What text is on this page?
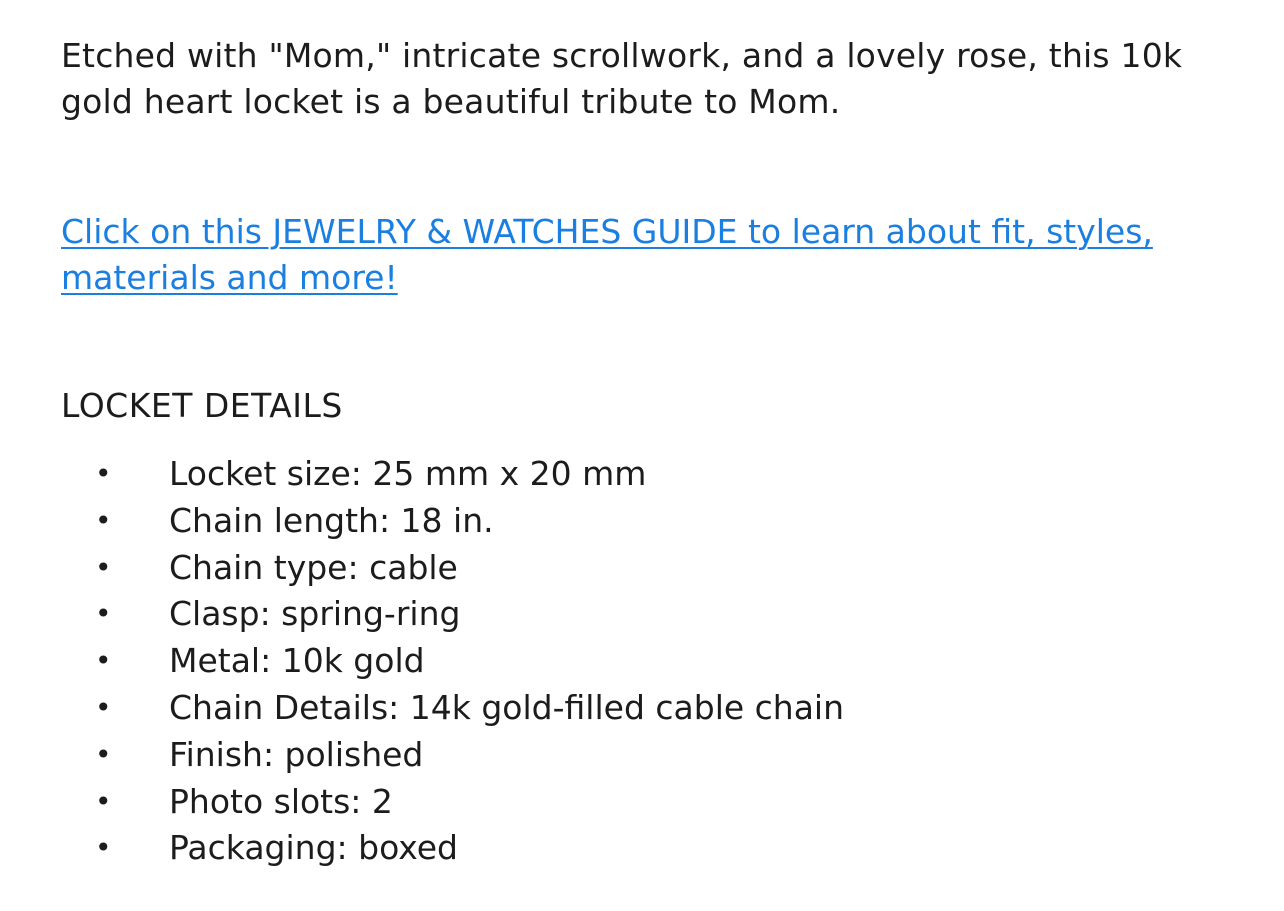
Etched with "Mom," intricate scrollwork, and a lovely rose, this 10k gold heart locket is a beautiful tribute to Mom.

Click on this JEWELRY & WATCHES GUIDE to learn about fit, styles, materials and more!
LOCKET DETAILS
• Locket size: 25 mm x 20 mm
• Chain length: 18 in.
• Chain type: cable
• Clasp: spring-ring
• Metal: 10k gold
• Chain Details: 14k gold-filled cable chain
• Finish: polished
• Photo slots: 2
• Packaging: boxed
